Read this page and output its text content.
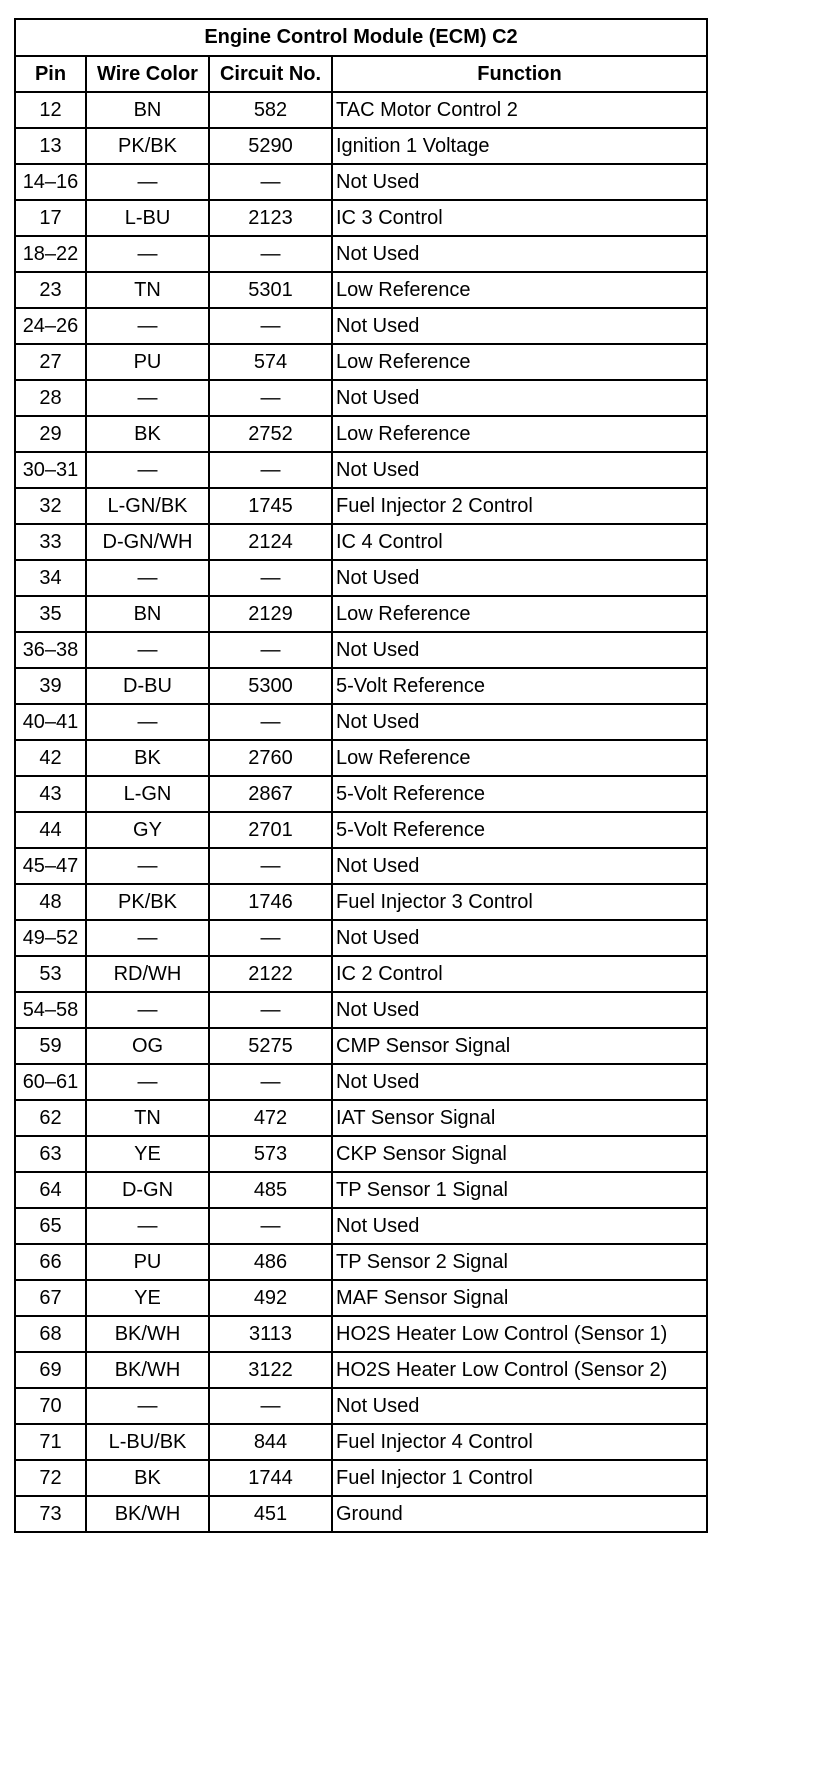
Engine Control Module (ECM) C2			
Pin	Wire Color	Circuit No.	Function
12	BN	582	TAC Motor Control 2
13	PK/BK	5290	Ignition 1 Voltage
14–16	—	—	Not Used
17	L-BU	2123	IC 3 Control
18–22	—	—	Not Used
23	TN	5301	Low Reference
24–26	—	—	Not Used
27	PU	574	Low Reference
28	—	—	Not Used
29	BK	2752	Low Reference
30–31	—	—	Not Used
32	L-GN/BK	1745	Fuel Injector 2 Control
33	D-GN/WH	2124	IC 4 Control
34	—	—	Not Used
35	BN	2129	Low Reference
36–38	—	—	Not Used
39	D-BU	5300	5-Volt Reference
40–41	—	—	Not Used
42	BK	2760	Low Reference
43	L-GN	2867	5-Volt Reference
44	GY	2701	5-Volt Reference
45–47	—	—	Not Used
48	PK/BK	1746	Fuel Injector 3 Control
49–52	—	—	Not Used
53	RD/WH	2122	IC 2 Control
54–58	—	—	Not Used
59	OG	5275	CMP Sensor Signal
60–61	—	—	Not Used
62	TN	472	IAT Sensor Signal
63	YE	573	CKP Sensor Signal
64	D-GN	485	TP Sensor 1 Signal
65	—	—	Not Used
66	PU	486	TP Sensor 2 Signal
67	YE	492	MAF Sensor Signal
68	BK/WH	3113	HO2S Heater Low Control (Sensor 1)
69	BK/WH	3122	HO2S Heater Low Control (Sensor 2)
70	—	—	Not Used
71	L-BU/BK	844	Fuel Injector 4 Control
72	BK	1744	Fuel Injector 1 Control
73	BK/WH	451	Ground
